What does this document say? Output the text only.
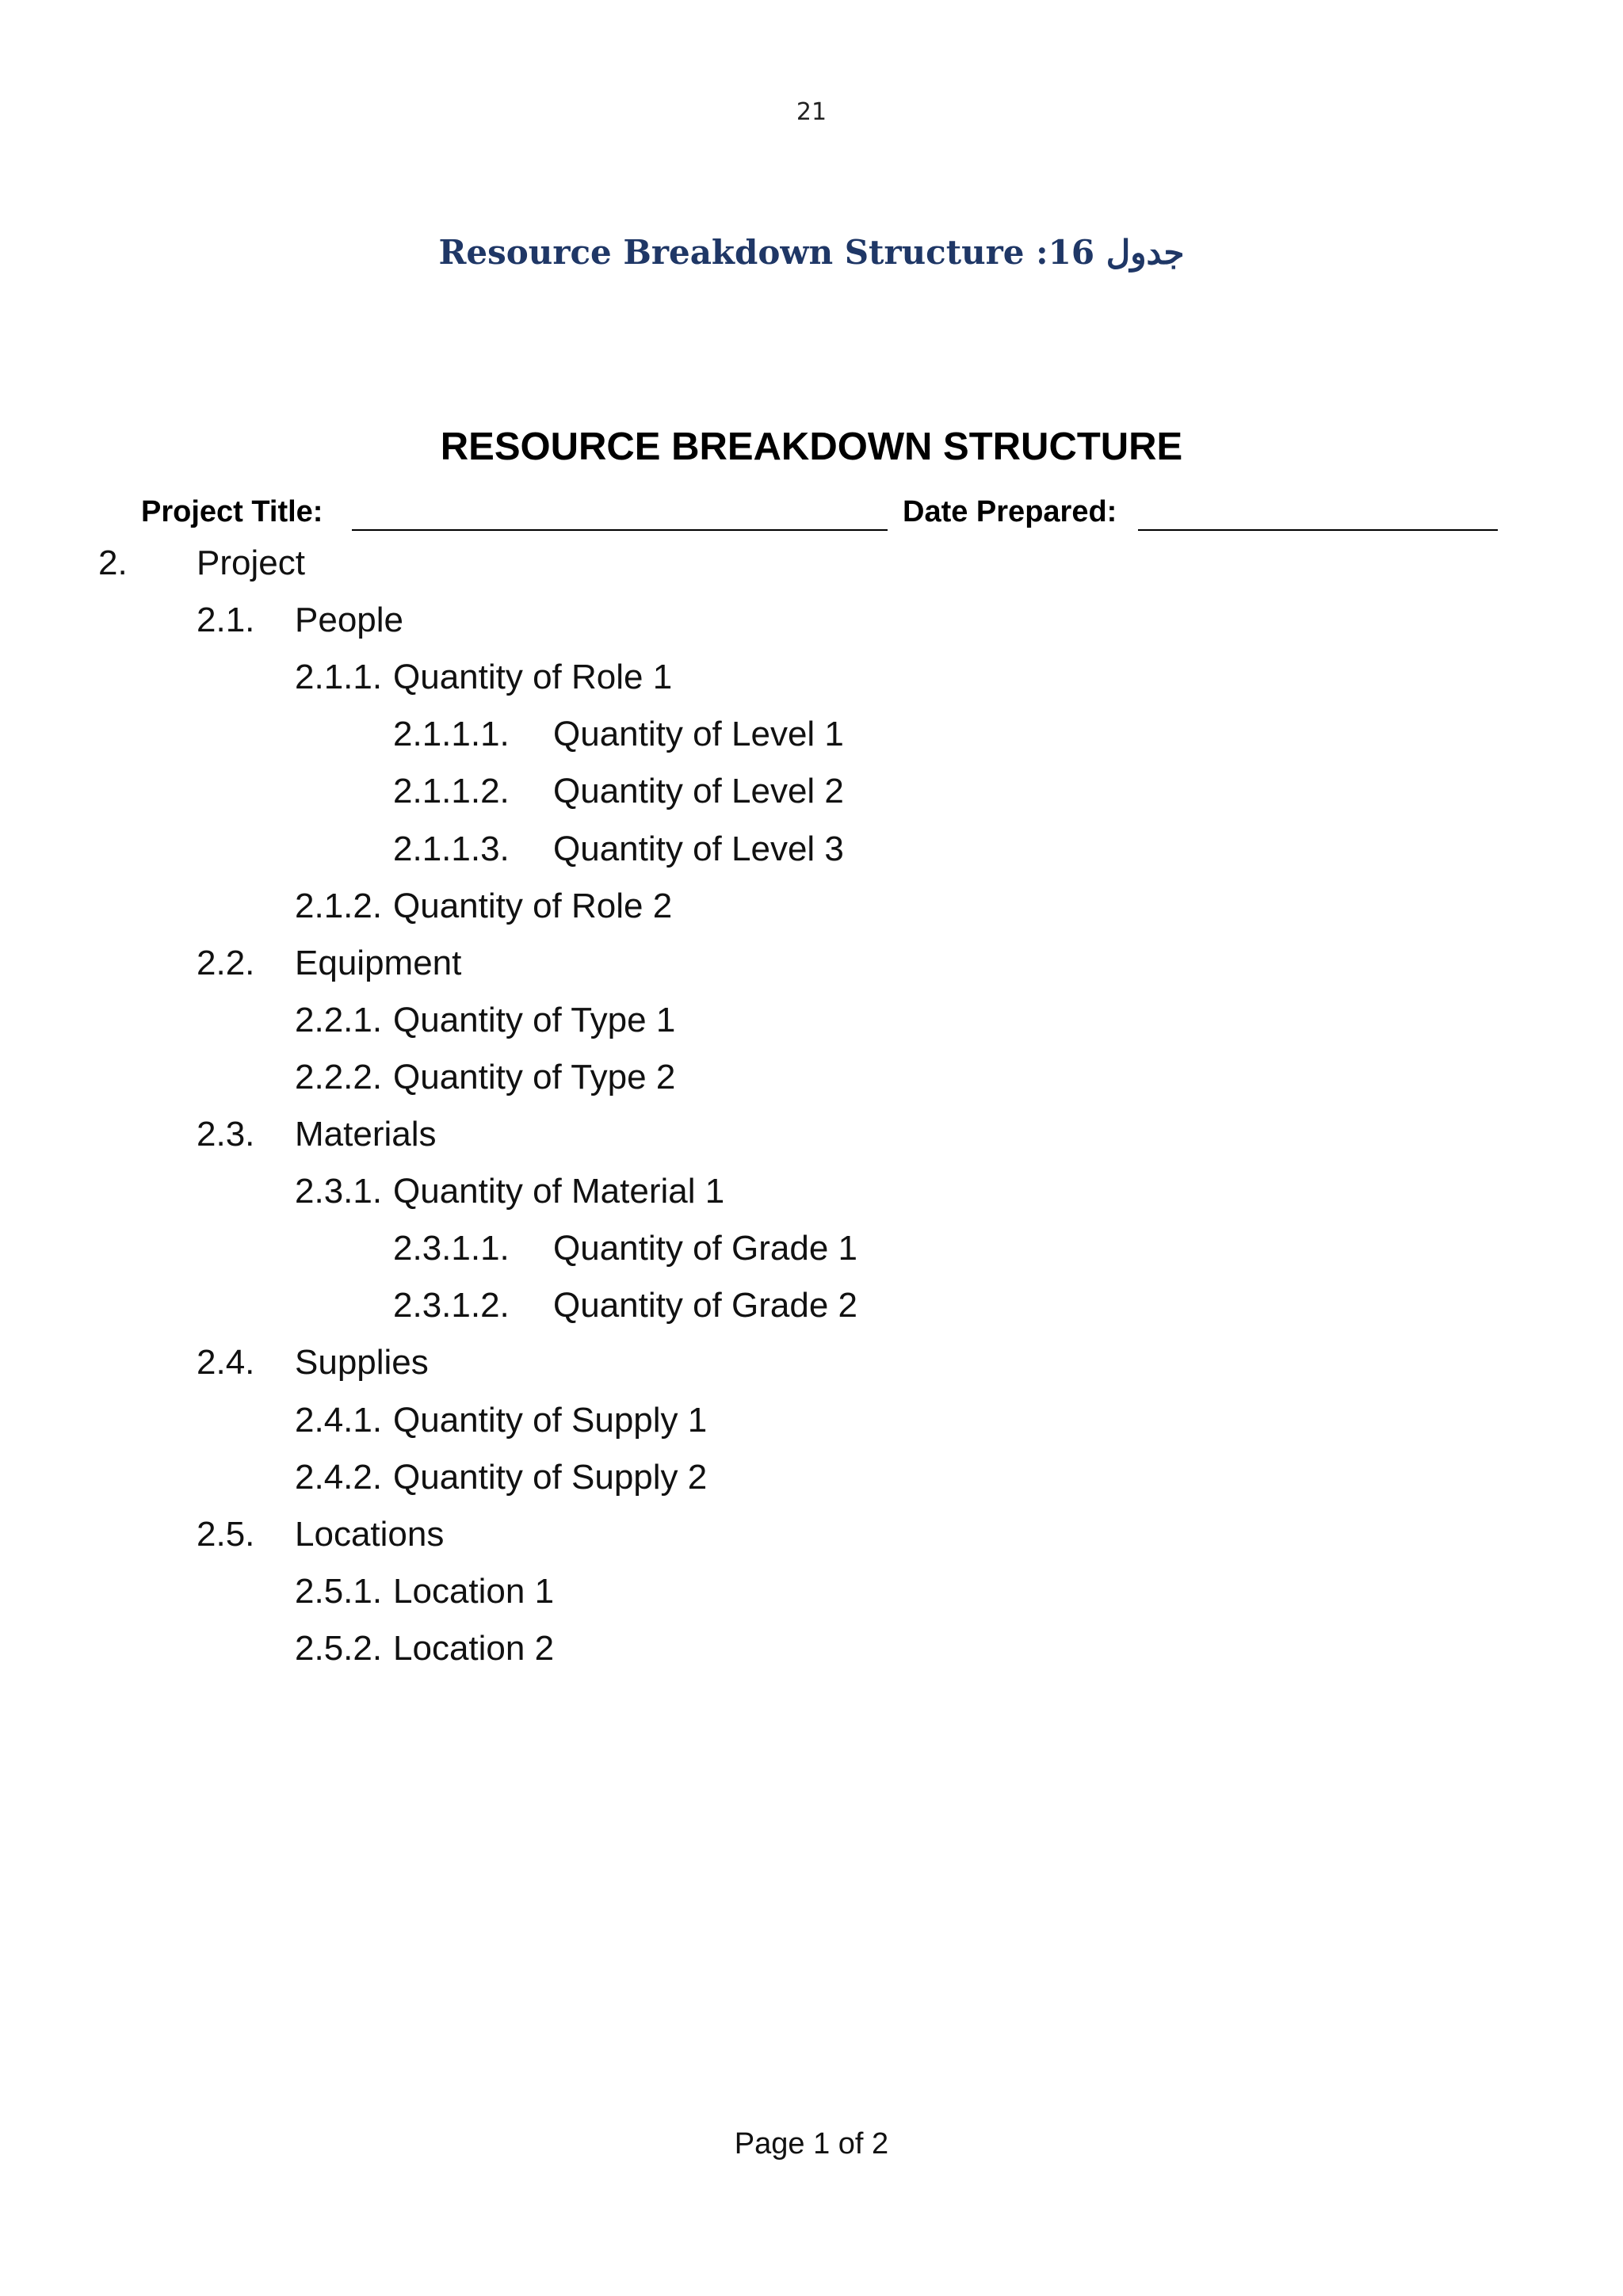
21
Resource Breakdown Structure :16 جدول
RESOURCE BREAKDOWN STRUCTURE
Project Title:	Date Prepared:
2. Project
2.1. People
2.1.1. Quantity of Role 1
2.1.1.1. Quantity of Level 1
2.1.1.2. Quantity of Level 2
2.1.1.3. Quantity of Level 3
2.1.2. Quantity of Role 2
2.2. Equipment
2.2.1. Quantity of Type 1
2.2.2. Quantity of Type 2
2.3. Materials
2.3.1. Quantity of Material 1
2.3.1.1. Quantity of Grade 1
2.3.1.2. Quantity of Grade 2
2.4. Supplies
2.4.1. Quantity of Supply 1
2.4.2. Quantity of Supply 2
2.5. Locations
2.5.1. Location 1
2.5.2. Location 2
Page 1 of 2
